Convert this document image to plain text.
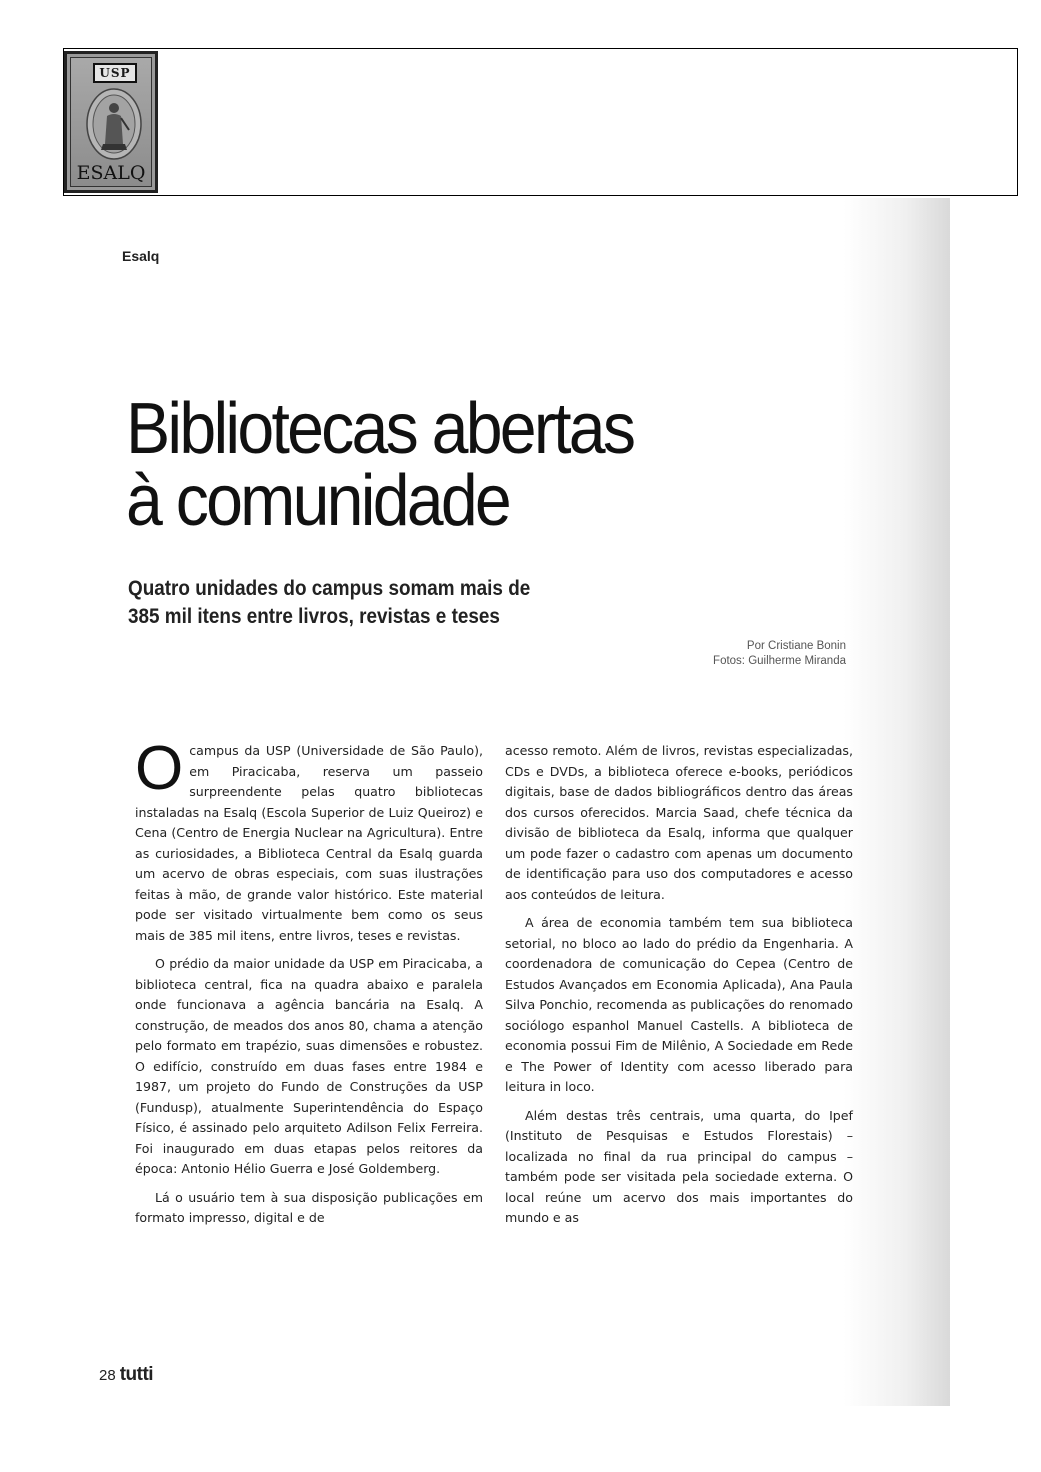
USP
ESALQ
Esalq
Bibliotecas abertas
à comunidade
Quatro unidades do campus somam mais de
385 mil itens entre livros, revistas e teses
Por Cristiane Bonin
Fotos: Guilherme Miranda

Ocampus da USP (Universidade de São Paulo), em Piracicaba, reserva um passeio surpreendente pelas quatro bibliotecas instaladas na Esalq (Escola Superior de Luiz Queiroz) e Cena (Centro de Energia Nuclear na Agricultura). Entre as curiosidades, a Biblioteca Central da Esalq guarda um acervo de obras especiais, com suas ilustrações feitas à mão, de grande valor histórico. Este material pode ser visitado virtualmente bem como os seus mais de 385 mil itens, entre livros, teses e revistas.

O prédio da maior unidade da USP em Piracicaba, a biblioteca central, fica na quadra abaixo e paralela onde funcionava a agência bancária na Esalq. A construção, de meados dos anos 80, chama a atenção pelo formato em trapézio, suas dimensões e robustez. O edifício, construído em duas fases entre 1984 e 1987, um projeto do Fundo de Construções da USP (Fundusp), atualmente Superintendência do Espaço Físico, é assinado pelo arquiteto Adilson Felix Ferreira. Foi inaugurado em duas etapas pelos reitores da época: Antonio Hélio Guerra e José Goldemberg.

Lá o usuário tem à sua disposição publicações em formato impresso, digital e de

acesso remoto. Além de livros, revistas especializadas, CDs e DVDs, a biblioteca oferece e-books, periódicos digitais, base de dados bibliográficos dentro das áreas dos cursos oferecidos. Marcia Saad, chefe técnica da divisão de biblioteca da Esalq, informa que qualquer um pode fazer o cadastro com apenas um documento de identificação para uso dos computadores e acesso aos conteúdos de leitura.

A área de economia também tem sua biblioteca setorial, no bloco ao lado do prédio da Engenharia. A coordenadora de comunicação do Cepea (Centro de Estudos Avançados em Economia Aplicada), Ana Paula Silva Ponchio, recomenda as publicações do renomado sociólogo espanhol Manuel Castells. A biblioteca de economia possui Fim de Milênio, A Sociedade em Rede e The Power of Identity com acesso liberado para leitura in loco.

Além destas três centrais, uma quarta, do Ipef (Instituto de Pesquisas e Estudos Florestais) – localizada no final da rua principal do campus – também pode ser visitada pela sociedade externa. O local reúne um acervo dos mais importantes do mundo e as

28 tutti
